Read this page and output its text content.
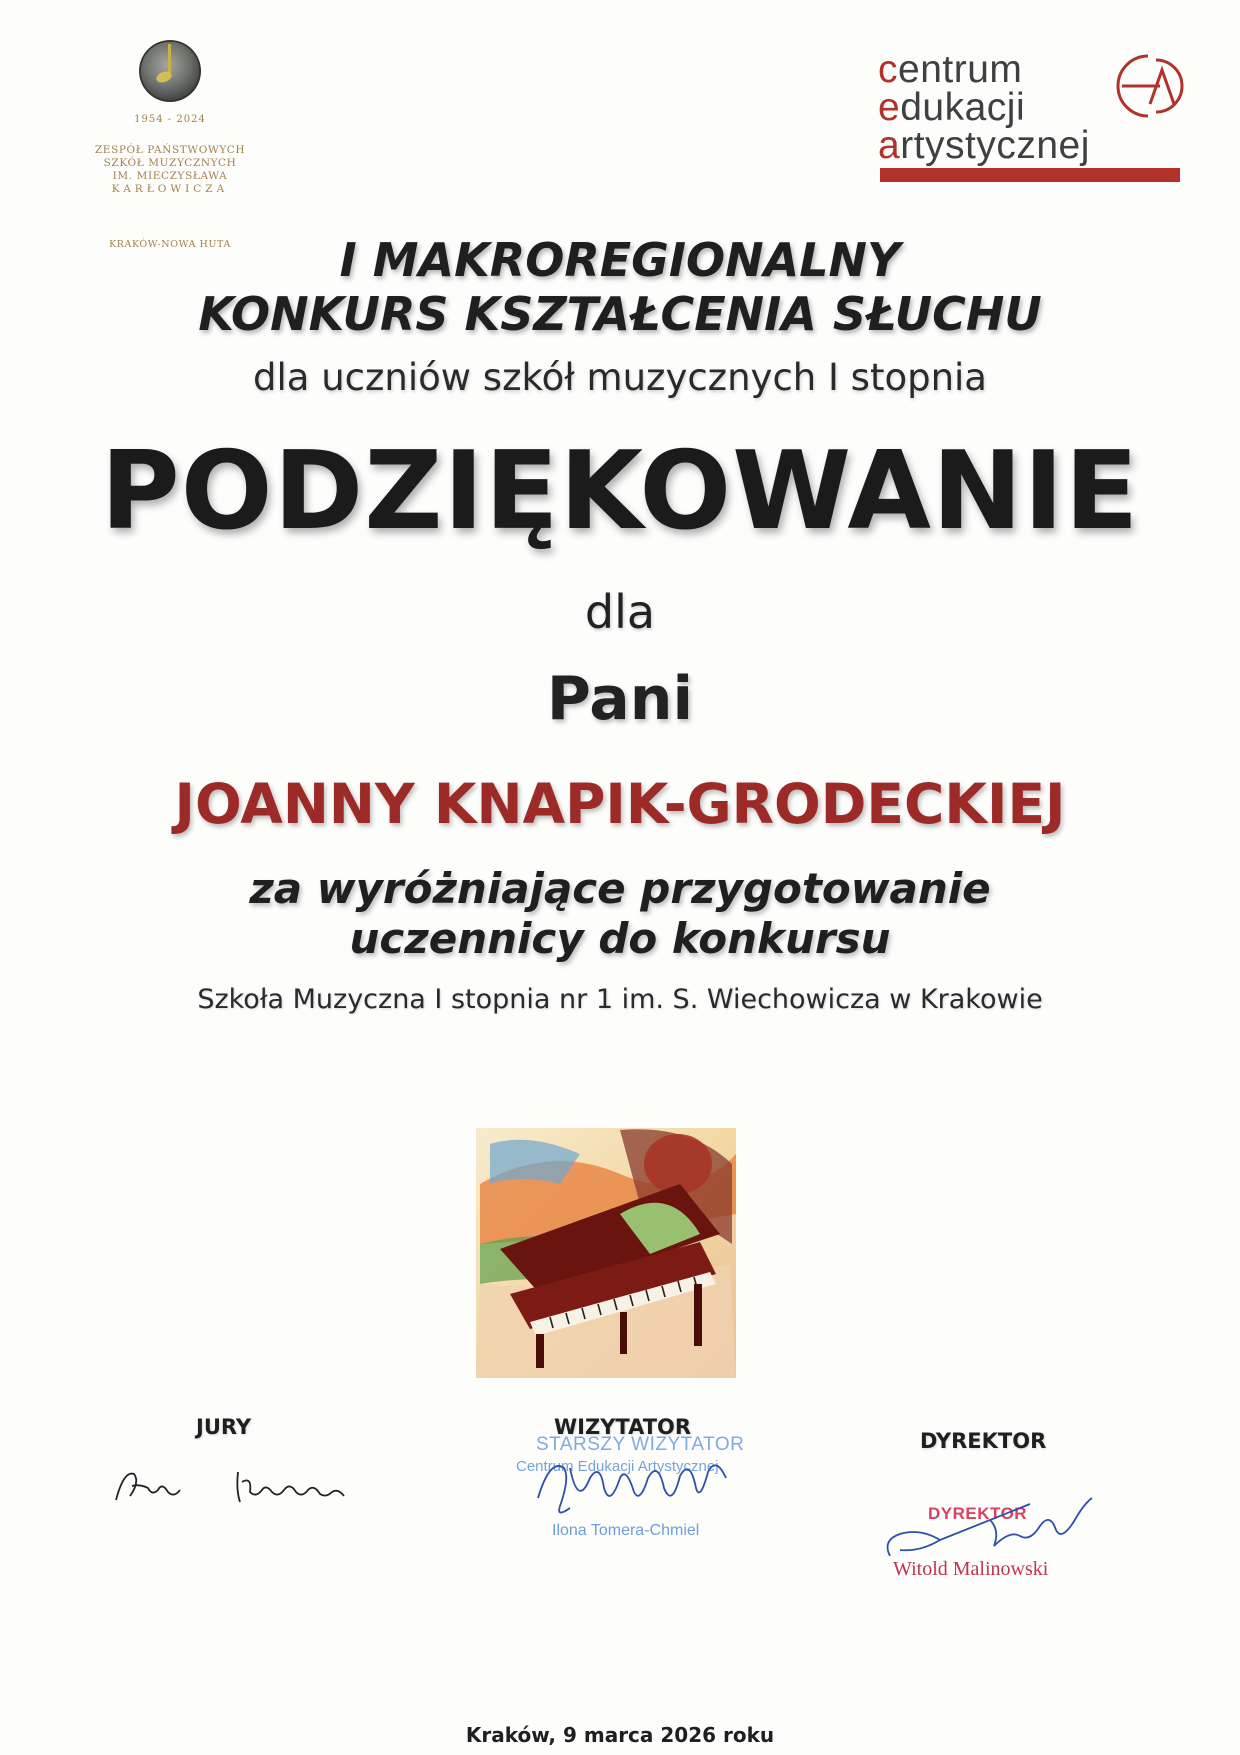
1954 - 2024
ZESPÓŁ PAŃSTWOWYCH
SZKÓŁ MUZYCZNYCH
IM. MIECZYSŁAWA
KARŁOWICZA
KRAKÓW-NOWA HUTA
centrum
edukacji
artystycznej
I MAKROREGIONALNY
KONKURS KSZTAŁCENIA SŁUCHU
dla uczniów szkół muzycznych I stopnia
PODZIĘKOWANIE
dla
Pani
JOANNY KNAPIK-GRODECKIEJ
za wyróżniające przygotowanie
uczennicy do konkursu
Szkoła Muzyczna I stopnia nr 1 im. S. Wiechowicza w Krakowie
JURY	WIZYTATOR
STARSZY WIZYTATOR
Centrum Edukacji Artystycznej
Ilona Tomera-Chmiel
DYREKTOR
DYREKTOR
Witold Malinowski
Kraków, 9 marca 2026 roku
